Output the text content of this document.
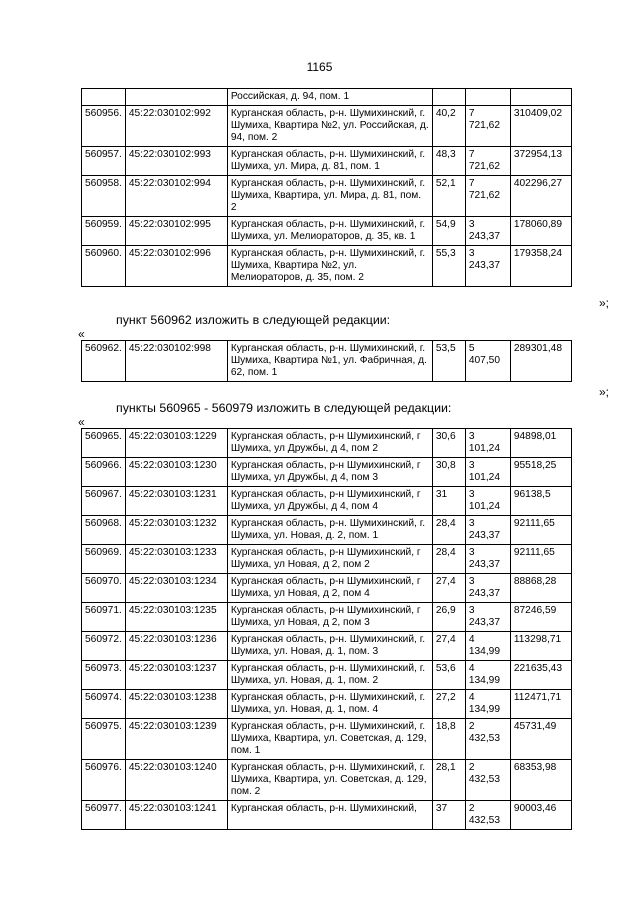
1165
		Российская, д. 94, пом. 1			
560956.	45:22:030102:992	Курганская область, р-н. Шумихинский, г. Шумиха, Квартира №2, ул. Российская, д. 94, пом. 2	40,2	7 721,62	310409,02
560957.	45:22:030102:993	Курганская область, р-н. Шумихинский, г. Шумиха, ул. Мира, д. 81, пом. 1	48,3	7 721,62	372954,13
560958.	45:22:030102:994	Курганская область, р-н. Шумихинский, г. Шумиха, Квартира, ул. Мира, д. 81, пом. 2	52,1	7 721,62	402296,27
560959.	45:22:030102:995	Курганская область, р-н. Шумихинский, г. Шумиха, ул. Мелиораторов, д. 35, кв. 1	54,9	3 243,37	178060,89
560960.	45:22:030102:996	Курганская область, р-н. Шумихинский, г. Шумиха, Квартира №2, ул. Мелиораторов, д. 35, пом. 2	55,3	3 243,37	179358,24
»;
пункт 560962 изложить в следующей редакции:
«
560962.	45:22:030102:998	Курганская область, р-н. Шумихинский, г. Шумиха, Квартира №1, ул. Фабричная, д. 62, пом. 1	53,5	5 407,50	289301,48
»;
пункты 560965 - 560979 изложить в следующей редакции:
«
560965.	45:22:030103:1229	Курганская область, р-н Шумихинский, г Шумиха, ул Дружбы, д 4, пом 2	30,6	3 101,24	94898,01
560966.	45:22:030103:1230	Курганская область, р-н Шумихинский, г Шумиха, ул Дружбы, д 4, пом 3	30,8	3 101,24	95518,25
560967.	45:22:030103:1231	Курганская область, р-н Шумихинский, г Шумиха, ул Дружбы, д 4, пом 4	31	3 101,24	96138,5
560968.	45:22:030103:1232	Курганская область, р-н. Шумихинский, г. Шумиха, ул. Новая, д. 2, пом. 1	28,4	3 243,37	92111,65
560969.	45:22:030103:1233	Курганская область, р-н Шумихинский, г Шумиха, ул Новая, д 2, пом 2	28,4	3 243,37	92111,65
560970.	45:22:030103:1234	Курганская область, р-н Шумихинский, г Шумиха, ул Новая, д 2, пом 4	27,4	3 243,37	88868,28
560971.	45:22:030103:1235	Курганская область, р-н Шумихинский, г Шумиха, ул Новая, д 2, пом 3	26,9	3 243,37	87246,59
560972.	45:22:030103:1236	Курганская область, р-н. Шумихинский, г. Шумиха, ул. Новая, д. 1, пом. 3	27,4	4 134,99	113298,71
560973.	45:22:030103:1237	Курганская область, р-н. Шумихинский, г. Шумиха, ул. Новая, д. 1, пом. 2	53,6	4 134,99	221635,43
560974.	45:22:030103:1238	Курганская область, р-н. Шумихинский, г. Шумиха, ул. Новая, д. 1, пом. 4	27,2	4 134,99	112471,71
560975.	45:22:030103:1239	Курганская область, р-н. Шумихинский, г. Шумиха, Квартира, ул. Советская, д. 129, пом. 1	18,8	2 432,53	45731,49
560976.	45:22:030103:1240	Курганская область, р-н. Шумихинский, г. Шумиха, Квартира, ул. Советская, д. 129, пом. 2	28,1	2 432,53	68353,98
560977.	45:22:030103:1241	Курганская область, р-н. Шумихинский,	37	2 432,53	90003,46
